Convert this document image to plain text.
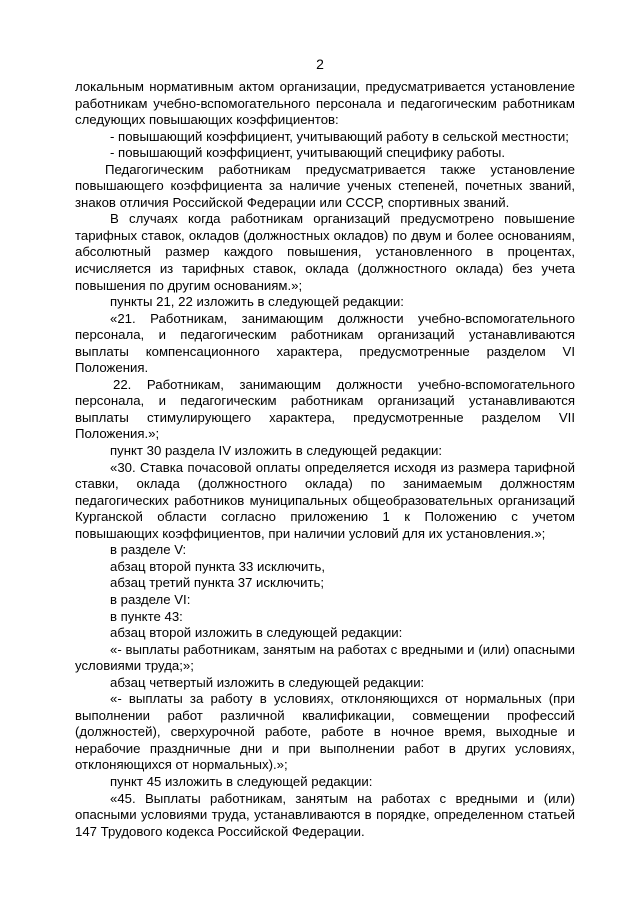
2

локальным нормативным актом организации, предусматривается установление работникам учебно-вспомогательного персонала и педагогическим работникам следующих повышающих коэффициентов:

- повышающий коэффициент, учитывающий работу в сельской местности;

- повышающий коэффициент, учитывающий специфику работы.

Педагогическим работникам предусматривается также установление повышающего коэффициента за наличие ученых степеней, почетных званий, знаков отличия Российской Федерации или СССР, спортивных званий.

В случаях когда работникам организаций предусмотрено повышение тарифных ставок, окладов (должностных окладов) по двум и более основаниям, абсолютный размер каждого повышения, установленного в процентах, исчисляется из тарифных ставок, оклада (должностного оклада) без учета повышения по другим основаниям.»;

пункты 21, 22 изложить в следующей редакции:

«21. Работникам, занимающим должности учебно-вспомогательного персонала, и педагогическим работникам организаций устанавливаются выплаты компенсационного характера, предусмотренные разделом VI Положения.

22. Работникам, занимающим должности учебно-вспомогательного персонала, и педагогическим работникам организаций устанавливаются выплаты стимулирующего характера, предусмотренные разделом VII Положения.»;

пункт 30 раздела IV изложить в следующей редакции:

«30. Ставка почасовой оплаты определяется исходя из размера тарифной ставки, оклада (должностного оклада) по занимаемым должностям педагогических работников муниципальных общеобразовательных организаций Курганской области согласно приложению 1 к Положению с учетом повышающих коэффициентов, при наличии условий для их установления.»;

в разделе V:

абзац второй пункта 33 исключить,

абзац третий пункта 37 исключить;

в разделе VI:

в пункте 43:

абзац второй изложить в следующей редакции:

«- выплаты работникам, занятым на работах с вредными и (или) опасными условиями труда;»;

абзац четвертый изложить в следующей редакции:

«- выплаты за работу в условиях, отклоняющихся от нормальных (при выполнении работ различной квалификации, совмещении профессий (должностей), сверхурочной работе, работе в ночное время, выходные и нерабочие праздничные дни и при выполнении работ в других условиях, отклоняющихся от нормальных).»;

пункт 45 изложить в следующей редакции:

«45. Выплаты работникам, занятым на работах с вредными и (или) опасными условиями труда, устанавливаются в порядке, определенном статьей 147 Трудового кодекса Российской Федерации.
